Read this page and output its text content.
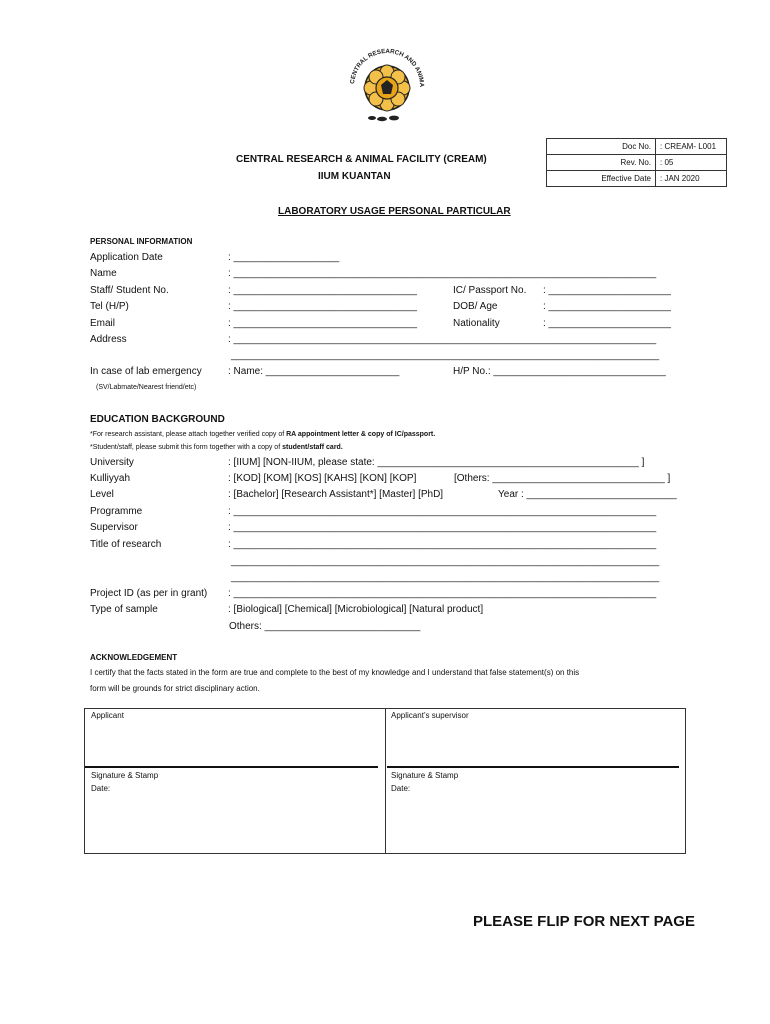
CENTRAL RESEARCH AND ANIMA
CENTRAL RESEARCH & ANIMAL FACILITY (CREAM)
IIUM KUANTAN
Doc No.	: CREAM- L001
Rev. No.	: 05
Effective Date	: JAN 2020
LABORATORY USAGE PERSONAL PARTICULAR
PERSONAL INFORMATION
Application Date	: ___________________
Name	: ____________________________________________________________________________
Staff/ Student No.	: _________________________________	IC/ Passport No. : ______________________
Tel (H/P)	: _________________________________	DOB/ Age	: ______________________
Email	: _________________________________	Nationality	: ______________________
Address	: ____________________________________________________________________________
_____________________________________________________________________________
In case of lab emergency	: Name: ________________________	H/P No.: _______________________________
(SV/Labmate/Nearest friend/etc)
EDUCATION BACKGROUND
*For research assistant, please attach together verified copy of RA appointment letter & copy of IC/passport.
*Student/staff, please submit this form together with a copy of student/staff card.
University	: [IIUM] [NON-IIUM, please state: _______________________________________________ ]
Kulliyyah	: [KOD] [KOM] [KOS] [KAHS] [KON] [KOP]	[Others: _______________________________ ]
Level	: [Bachelor] [Research Assistant*] [Master] [PhD]	Year : ___________________________
Programme	: ____________________________________________________________________________
Supervisor	: ____________________________________________________________________________
Title of research	: ____________________________________________________________________________
_____________________________________________________________________________
_____________________________________________________________________________
Project ID (as per in grant) : ____________________________________________________________________________
Type of sample	: [Biological] [Chemical] [Microbiological] [Natural product]
Others: ____________________________
ACKNOWLEDGEMENT
I certify that the facts stated in the form are true and complete to the best of my knowledge and I understand that false statement(s) on this
form will be grounds for strict disciplinary action.
Applicant	Applicant’s supervisor
Signature & Stamp
Date:
Signature & Stamp
Date:
PLEASE FLIP FOR NEXT PAGE
